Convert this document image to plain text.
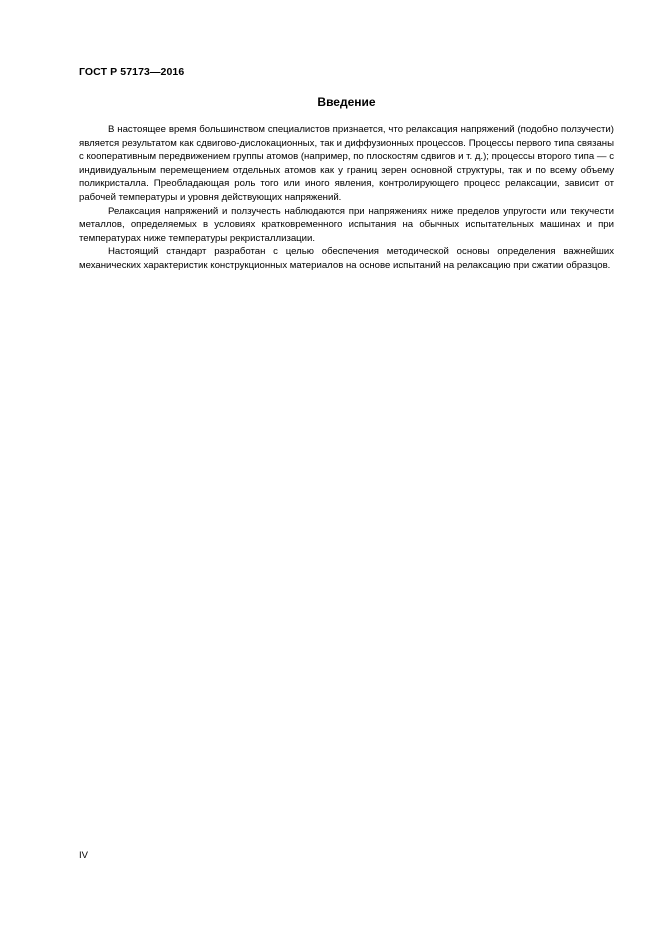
ГОСТ Р 57173—2016
Введение

В настоящее время большинством специалистов признается, что релаксация напряжений (подобно ползучести) является результатом как сдвигово-дислокационных, так и диффузионных процессов. Процессы первого типа связаны с кооперативным передвижением группы атомов (например, по плоскостям сдвигов и т. д.); процессы второго типа — с индивидуальным перемещением отдельных атомов как у границ зерен основной структуры, так и по всему объему поликристалла. Преобладающая роль того или иного явления, контролирующего процесс релаксации, зависит от рабочей температуры и уровня действующих напряжений.

Релаксация напряжений и ползучесть наблюдаются при напряжениях ниже пределов упругости или текучести металлов, определяемых в условиях кратковременного испытания на обычных испытательных машинах и при температурах ниже температуры рекристаллизации.

Настоящий стандарт разработан с целью обеспечения методической основы определения важнейших механических характеристик конструкционных материалов на основе испытаний на релаксацию при сжатии образцов.

IV
